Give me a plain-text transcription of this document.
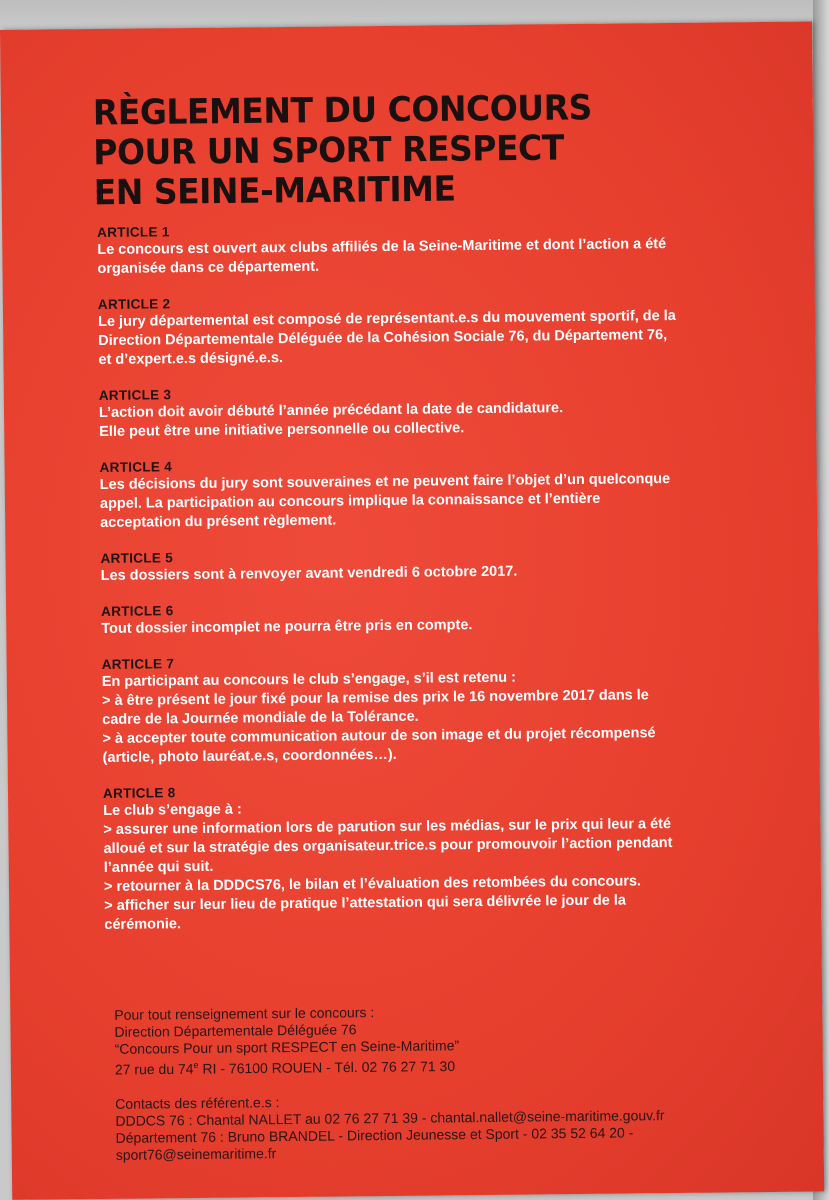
RÈGLEMENT DU CONCOURS
POUR UN SPORT RESPECT
EN SEINE-MARITIME
ARTICLE 1
Le concours est ouvert aux clubs affiliés de la Seine-Maritime et dont l’action a été
organisée dans ce département.
ARTICLE 2
Le jury départemental est composé de représentant.e.s du mouvement sportif, de la
Direction Départementale Déléguée de la Cohésion Sociale 76, du Département 76,
et d’expert.e.s désigné.e.s.
ARTICLE 3
L’action doit avoir débuté l’année précédant la date de candidature.
Elle peut être une initiative personnelle ou collective.
ARTICLE 4
Les décisions du jury sont souveraines et ne peuvent faire l’objet d’un quelconque
appel. La participation au concours implique la connaissance et l’entière
acceptation du présent règlement.
ARTICLE 5
Les dossiers sont à renvoyer avant vendredi 6 octobre 2017.
ARTICLE 6
Tout dossier incomplet ne pourra être pris en compte.
ARTICLE 7
En participant au concours le club s’engage, s’il est retenu :
> à être présent le jour fixé pour la remise des prix le 16 novembre 2017 dans le
cadre de la Journée mondiale de la Tolérance.
> à accepter toute communication autour de son image et du projet récompensé
(article, photo lauréat.e.s, coordonnées…).
ARTICLE 8
Le club s’engage à :
> assurer une information lors de parution sur les médias, sur le prix qui leur a été
alloué et sur la stratégie des organisateur.trice.s pour promouvoir l’action pendant
l’année qui suit.
> retourner à la DDDCS76, le bilan et l’évaluation des retombées du concours.
> afficher sur leur lieu de pratique l’attestation qui sera délivrée le jour de la
cérémonie.
Pour tout renseignement sur le concours :
Direction Départementale Déléguée 76
“Concours Pour un sport RESPECT en Seine-Maritime”
27 rue du 74e RI - 76100 ROUEN - Tél. 02 76 27 71 30
Contacts des référent.e.s :
DDDCS 76 : Chantal NALLET au 02 76 27 71 39 - chantal.nallet@seine-maritime.gouv.fr
Département 76 : Bruno BRANDEL - Direction Jeunesse et Sport - 02 35 52 64 20 -
sport76@seinemaritime.fr
